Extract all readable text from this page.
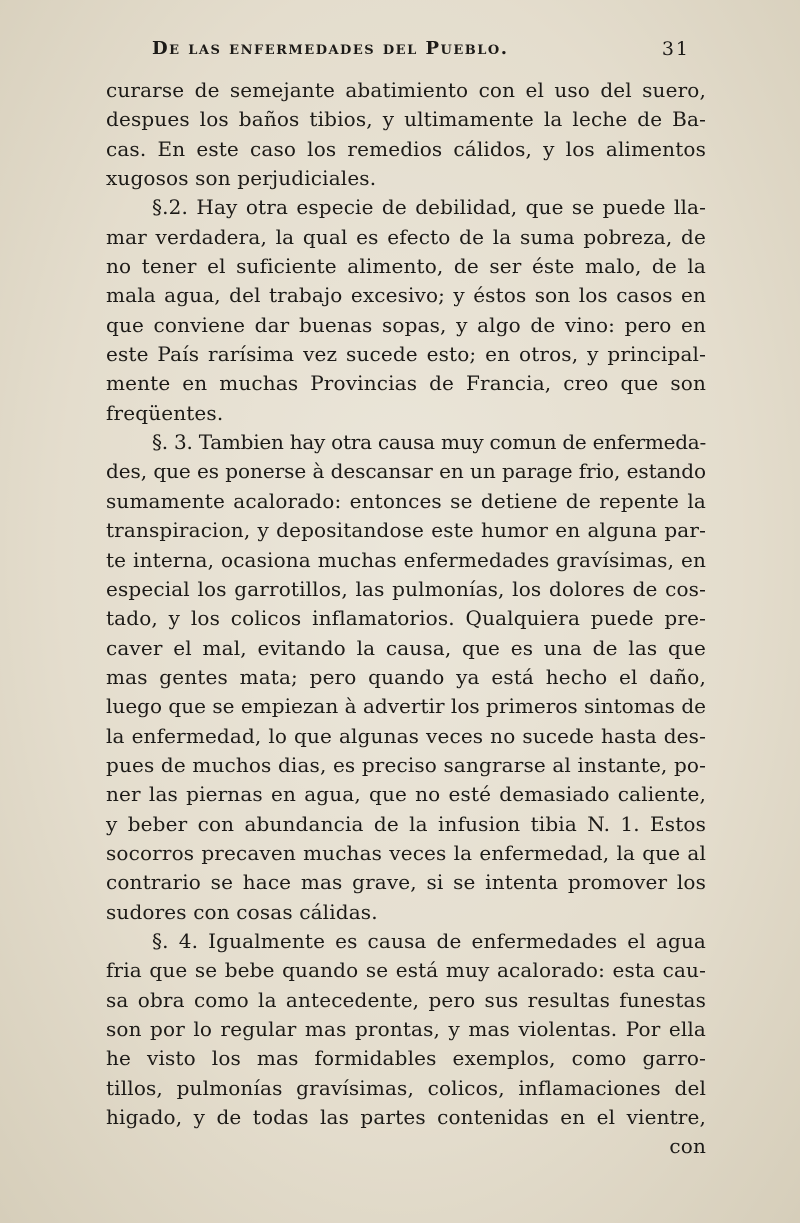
De las enfermedades del Pueblo.	31
curarse de semejante abatimiento con el uso del suero,
despues los baños tibios, y ultimamente la leche de Ba-
cas. En este caso los remedios cálidos, y los alimentos
xugosos son perjudiciales.
§.2. Hay otra especie de debilidad, que se puede lla-
mar verdadera, la qual es efecto de la suma pobreza, de
no tener el suficiente alimento, de ser éste malo, de la
mala agua, del trabajo excesivo; y éstos son los casos en
que conviene dar buenas sopas, y algo de vino: pero en
este País rarísima vez sucede esto; en otros, y principal-
mente en muchas Provincias de Francia, creo que son
freqüentes.
§. 3. Tambien hay otra causa muy comun de enfermeda-
des, que es ponerse à descansar en un parage frio, estando
sumamente acalorado: entonces se detiene de repente la
transpiracion, y depositandose este humor en alguna par-
te interna, ocasiona muchas enfermedades gravísimas, en
especial los garrotillos, las pulmonías, los dolores de cos-
tado, y los colicos inflamatorios. Qualquiera puede pre-
caver el mal, evitando la causa, que es una de las que
mas gentes mata; pero quando ya está hecho el daño,
luego que se empiezan à advertir los primeros sintomas de
la enfermedad, lo que algunas veces no sucede hasta des-
pues de muchos dias, es preciso sangrarse al instante, po-
ner las piernas en agua, que no esté demasiado caliente,
y beber con abundancia de la infusion tibia N. 1. Estos
socorros precaven muchas veces la enfermedad, la que al
contrario se hace mas grave, si se intenta promover los
sudores con cosas cálidas.
§. 4. Igualmente es causa de enfermedades el agua
fria que se bebe quando se está muy acalorado: esta cau-
sa obra como la antecedente, pero sus resultas funestas
son por lo regular mas prontas, y mas violentas. Por ella
he visto los mas formidables exemplos, como garro-
tillos, pulmonías gravísimas, colicos, inflamaciones del
higado, y de todas las partes contenidas en el vientre,
con
